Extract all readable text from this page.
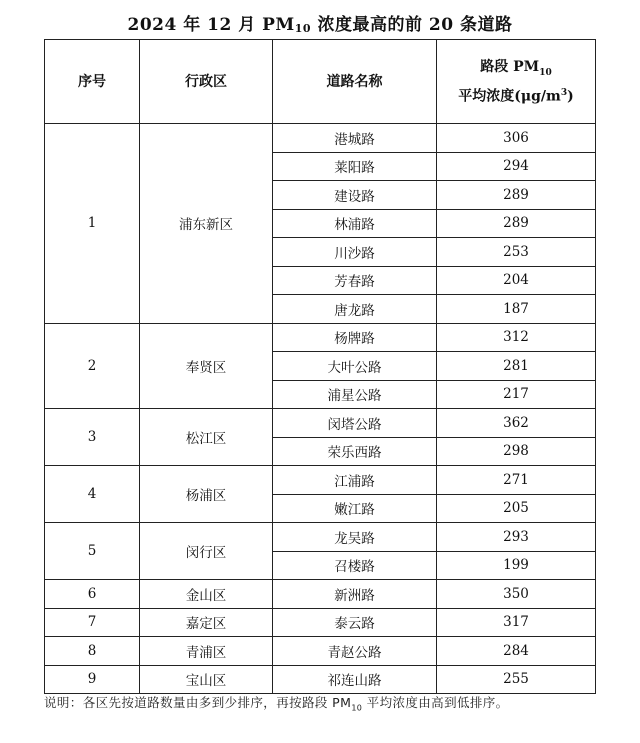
2024 年 12 月 $PM_{10}$ 浓度最高的前 20 条道路
序号	行政区	道路名称	路段 $PM_{10}$
平均浓度$(\mu g/m^3)$
1	浦东新区	港城路	306
		莱阳路	294
		建设路	289
		林浦路	289
		川沙路	253
		芳春路	204
		唐龙路	187
2	奉贤区	杨牌路	312
		大叶公路	281
		浦星公路	217
3	松江区	闵塔公路	362
		荣乐西路	298
4	杨浦区	江浦路	271
		嫩江路	205
5	闵行区	龙吴路	293
		召楼路	199
6	金山区	新洲路	350
7	嘉定区	泰云路	317
8	青浦区	青赵公路	284
9	宝山区	祁连山路	255
说明：各区先按道路数量由多到少排序，再按路段 $PM_{10}$ 平均浓度由高到低排序。
